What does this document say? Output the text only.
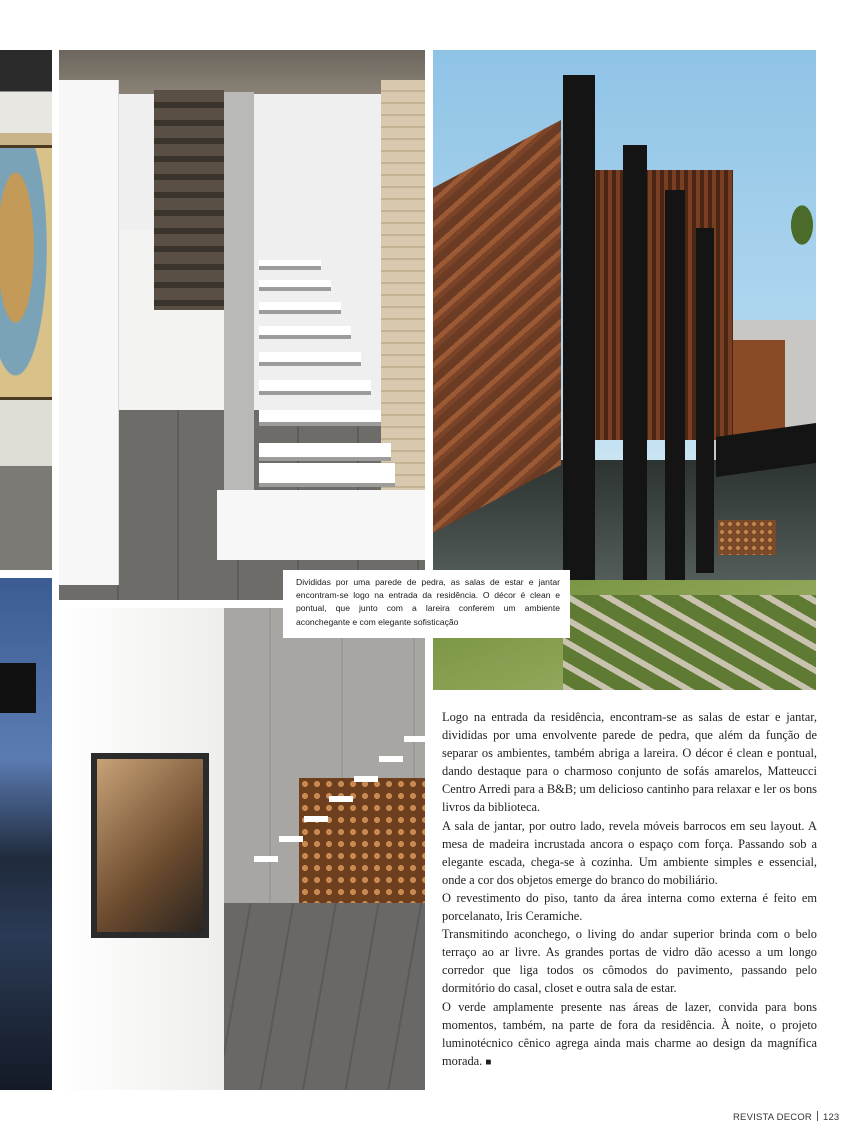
Divididas por uma parede de pedra, as salas de estar e jantar encontram-se logo na entrada da residência. O décor é clean e pontual, que junto com a lareira conferem um ambiente aconchegante e com elegante sofisticação

Logo na entrada da residência, encontram-se as salas de estar e jantar, divididas por uma envolvente parede de pedra, que além da função de separar os ambientes, também abriga a lareira. O décor é clean e pontual, dando destaque para o charmoso conjunto de sofás amarelos, Matteucci Centro Arredi para a B&B; um delicioso cantinho para relaxar e ler os bons livros da biblioteca.

A sala de jantar, por outro lado, revela móveis barrocos em seu layout. A mesa de madeira incrustada ancora o espaço com força. Passando sob a elegante escada, chega-se à cozinha. Um ambiente simples e essencial, onde a cor dos objetos emerge do branco do mobiliário.

O revestimento do piso, tanto da área interna como externa é feito em porcelanato, Iris Ceramiche.

Transmitindo aconchego, o living do andar superior brinda com o belo terraço ao ar livre. As grandes portas de vidro dão acesso a um longo corredor que liga todos os cômodos do pavimento, passando pelo dormitório do casal, closet e outra sala de estar.

O verde amplamente presente nas áreas de lazer, convida para bons momentos, também, na parte de fora da residência. À noite, o projeto luminotécnico cênico agrega ainda mais charme ao design da magnífica morada. ■

REVISTA DECOR 123
